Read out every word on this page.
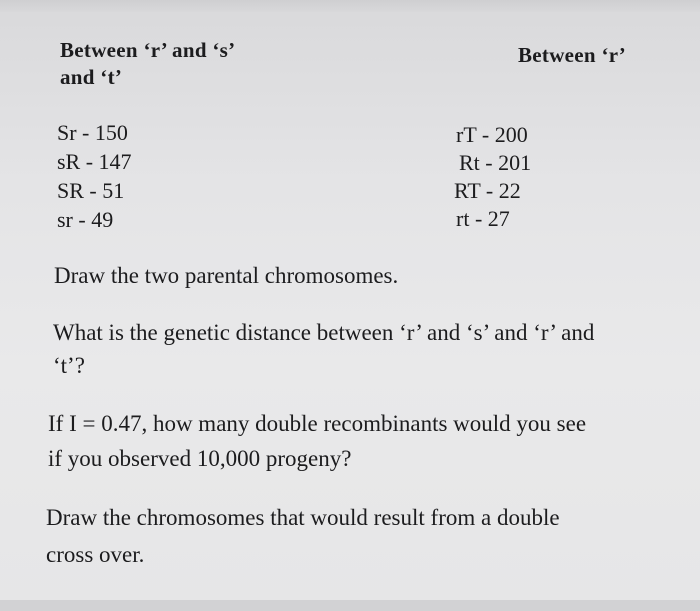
Between ‘r’ and ‘s’
and ‘t’
Between ‘r’
Sr - 150
sR - 147
SR - 51
sr - 49
rT - 200
Rt - 201
RT - 22
rt - 27
Draw the two parental chromosomes.
What is the genetic distance between ‘r’ and ‘s’ and ‘r’ and
‘t’?
If I = 0.47, how many double recombinants would you see
if you observed 10,000 progeny?
Draw the chromosomes that would result from a double
cross over.
